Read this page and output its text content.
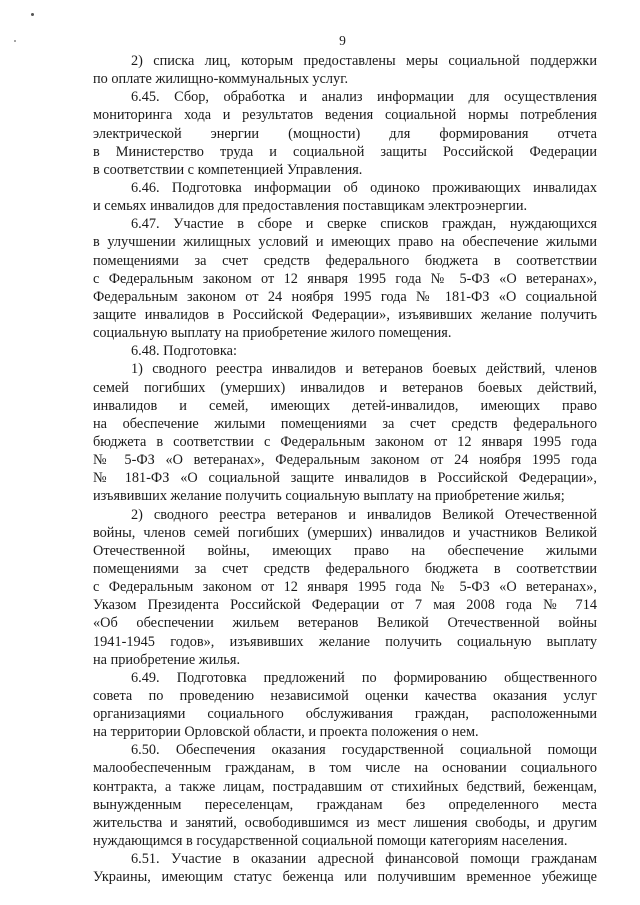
9
2) списка лиц, которым предоставлены меры социальной поддержки
по оплате жилищно-коммунальных услуг.
6.45. Сбор, обработка и анализ информации для осуществления
мониторинга хода и результатов ведения социальной нормы потребления
электрической энергии (мощности) для формирования отчета
в Министерство труда и социальной защиты Российской Федерации
в соответствии с компетенцией Управления.
6.46. Подготовка информации об одиноко проживающих инвалидах
и семьях инвалидов для предоставления поставщикам электроэнергии.
6.47. Участие в сборе и сверке списков граждан, нуждающихся
в улучшении жилищных условий и имеющих право на обеспечение жилыми
помещениями за счет средств федерального бюджета в соответствии
с Федеральным законом от 12 января 1995 года № 5-ФЗ «О ветеранах»,
Федеральным законом от 24 ноября 1995 года № 181-ФЗ «О социальной
защите инвалидов в Российской Федерации», изъявивших желание получить
социальную выплату на приобретение жилого помещения.
6.48. Подготовка:
1) сводного реестра инвалидов и ветеранов боевых действий, членов
семей погибших (умерших) инвалидов и ветеранов боевых действий,
инвалидов и семей, имеющих детей-инвалидов, имеющих право
на обеспечение жилыми помещениями за счет средств федерального
бюджета в соответствии с Федеральным законом от 12 января 1995 года
№ 5-ФЗ «О ветеранах», Федеральным законом от 24 ноября 1995 года
№ 181-ФЗ «О социальной защите инвалидов в Российской Федерации»,
изъявивших желание получить социальную выплату на приобретение жилья;
2) сводного реестра ветеранов и инвалидов Великой Отечественной
войны, членов семей погибших (умерших) инвалидов и участников Великой
Отечественной войны, имеющих право на обеспечение жилыми
помещениями за счет средств федерального бюджета в соответствии
с Федеральным законом от 12 января 1995 года № 5-ФЗ «О ветеранах»,
Указом Президента Российской Федерации от 7 мая 2008 года № 714
«Об обеспечении жильем ветеранов Великой Отечественной войны
1941-1945 годов», изъявивших желание получить социальную выплату
на приобретение жилья.
6.49. Подготовка предложений по формированию общественного
совета по проведению независимой оценки качества оказания услуг
организациями социального обслуживания граждан, расположенными
на территории Орловской области, и проекта положения о нем.
6.50. Обеспечения оказания государственной социальной помощи
малообеспеченным гражданам, в том числе на основании социального
контракта, а также лицам, пострадавшим от стихийных бедствий, беженцам,
вынужденным переселенцам, гражданам без определенного места
жительства и занятий, освободившимся из мест лишения свободы, и другим
нуждающимся в государственной социальной помощи категориям населения.
6.51. Участие в оказании адресной финансовой помощи гражданам
Украины, имеющим статус беженца или получившим временное убежище
